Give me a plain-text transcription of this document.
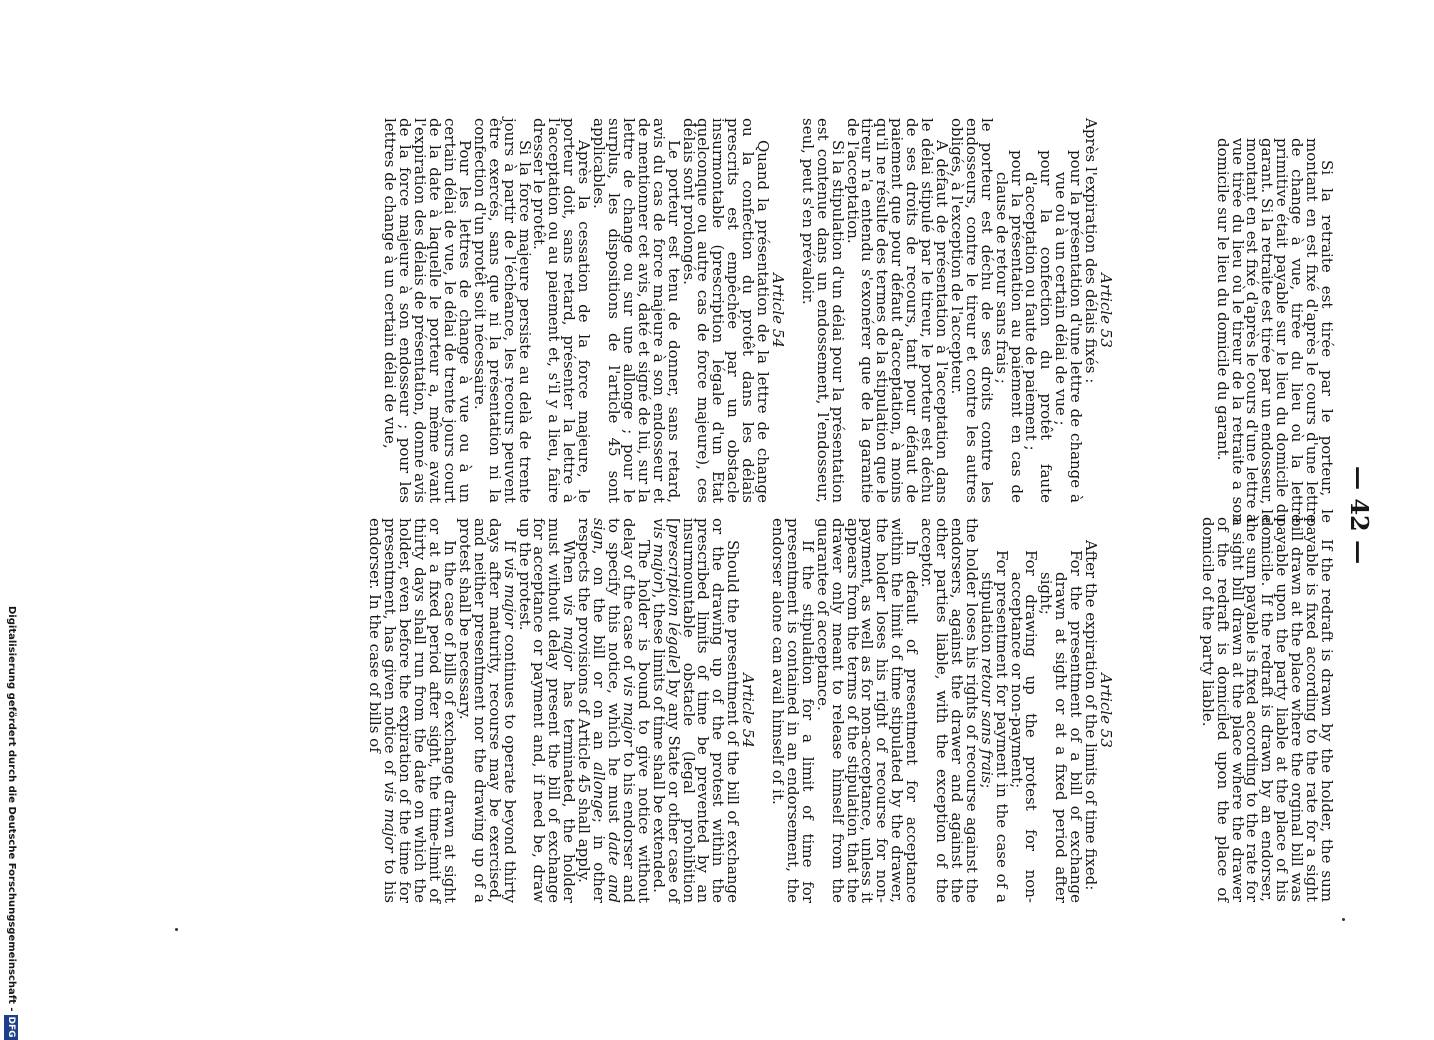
— 42 —

Si la retraite est tirée par le porteur, le montant en est fixé d'après le cours d'une lettre de change à vue, tirée du lieu où la lettre primitive était payable sur le lieu du domicile du garant. Si la retraite est tirée par un endosseur, le montant en est fixé d'après le cours d'une lettre à vue tirée du lieu où le tireur de la retraite a son domicile sur le lieu du domicile du garant.

Article 53

Après l'expiration des délais fixés :

pour la présentation d'une lettre de change à vue ou à un certain délai de vue ;

pour la confection du protêt faute d'acceptation ou faute de paiement ;

pour la présentation au paiement en cas de clause de retour sans frais ;

le porteur est déchu de ses droits contre les endosseurs, contre le tireur et contre les autres obligés, à l'exception de l'accepteur.

A défaut de présentation à l'acceptation dans le délai stipulé par le tireur, le porteur est déchu de ses droits de recours, tant pour défaut de paiement que pour défaut d'acceptation, à moins qu'il ne résulte des termes de la stipulation que le tireur n'a entendu s'exonérer que de la garantie de l'acceptation.

Si la stipulation d'un délai pour la présentation est contenue dans un endossement, l'endosseur, seul, peut s'en prévaloir.

Article 54

Quand la présentation de la lettre de change ou la confection du protêt dans les délais prescrits est empêchée par un obstacle insurmontable (prescription légale d'un Etat quelconque ou autre cas de force majeure), ces délais sont prolongés.

Le porteur est tenu de donner, sans retard, avis du cas de force majeure à son endosseur et de mentionner cet avis, daté et signé de lui, sur la lettre de change ou sur une allonge ; pour le surplus, les dispositions de l'article 45 sont applicables.

Après la cessation de la force majeure, le porteur doit, sans retard, présenter la lettre à l'acceptation ou au paiement et, s'il y a lieu, faire dresser le protêt.

Si la force majeure persiste au delà de trente jours à partir de l'échéance, les recours peuvent être exercés, sans que ni la présentation ni la confection d'un protêt soit nécessaire.

Pour les lettres de change à vue ou à un certain délai de vue, le délai de trente jours court de la date à laquelle le porteur a, même avant l'expiration des délais de présentation, donné avis de la force majeure à son endosseur ; pour les lettres de change à un certain délai de vue,

If the redraft is drawn by the holder, the sum payable is fixed according to the rate for a sight bill drawn at the place where the orginal bill was payable upon the party liable at the place of his domicile. If the redraft is drawn by an endorser, the sum payable is fixed according to the rate for a sight bill drawn at the place where the drawer of the redraft is domiciled upon the place of domicile of the party liable.

Article 53

After the expiration of the limits of time fixed:

For the presentment of a bill of exchange drawn at sight or at a fixed period after sight;

For drawing up the protest for non-acceptance or non-payment;

For presentment for payment in the case of a stipulation retour sans frais;

the holder loses his rights of recourse against the endorsers, against the drawer and against the other parties liable, with the exception of the acceptor.

In default of presentment for acceptance within the limit of time stipulated by the drawer, the holder loses his right of recourse for non-payment, as well as for non-acceptance, unless it appears from the terms of the stipulation that the drawer only meant to release himself from the guarantee of acceptance.

If the stipulation for a limit of time for presentment is contained in an endorsement, the endorser alone can avail himself of it.

Article 54

Should the presentment of the bill of exchange or the drawing up of the protest within the prescribed limits of time be prevented by an insurmountable obstacle (legal prohibition [prescription légale] by any State or other case of vis major), these limits of time shall be extended.

The holder is bound to give notice without delay of the case of vis major to his endorser and to specify this notice, which he must date and sign, on the bill or on an allonge; in other respects the provisions of Article 45 shall apply.

When vis major has terminated, the holder must without delay present the bill of exchange for acceptance or payment and, if need be, draw up the protest.

If vis major continues to operate beyond thirty days after maturity, recourse may be exercised, and neither presentment nor the drawing up of a protest shall be necessary.

In the case of bills of exchange drawn at sight or at a fixed period after sight, the time-limit of thirty days shall run from the date on which the holder, even before the expiration of the time for presentment, has given notice of vis major to his endorser. In the case of bills of

Digitalisierung gefördert durch die Deutsche Forschungsgemeinschaft -DFG
